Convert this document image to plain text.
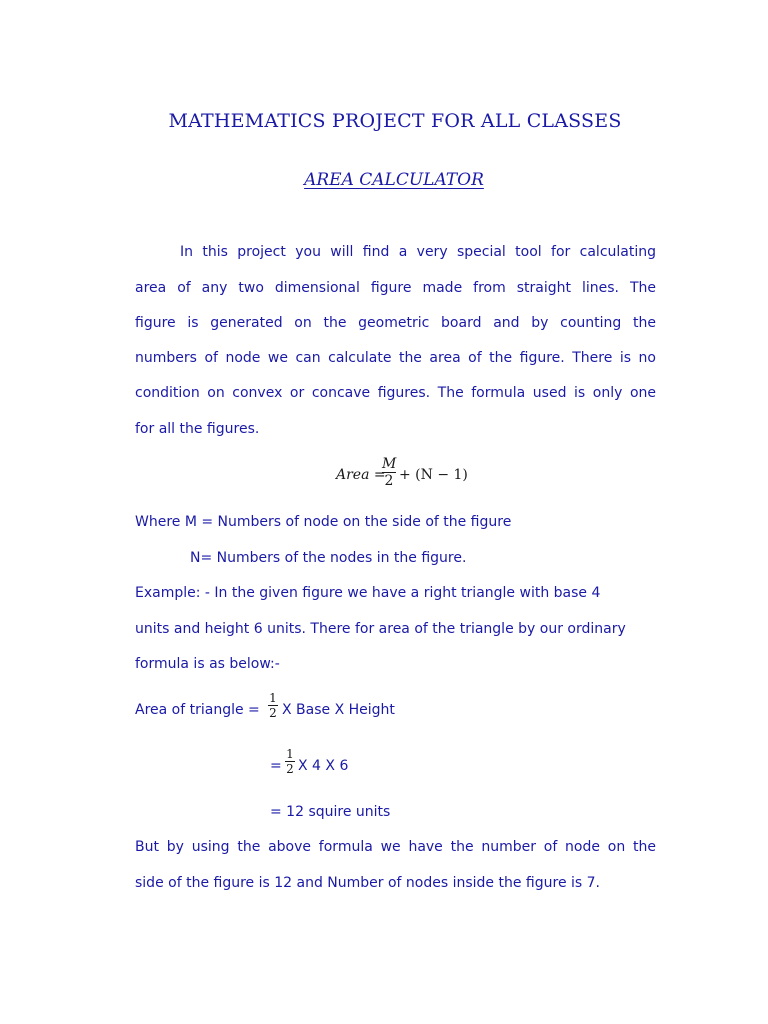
MATHEMATICS PROJECT FOR ALL CLASSES
AREA CALCULATOR
In this project you will find a very special tool for calculating
area of any two dimensional figure made from straight lines. The
figure is generated on the geometric board and by counting the
numbers of node we can calculate the area of the figure. There is no
condition on convex or concave figures. The formula used is only one
for all the figures.
Area =
M
2 + (N − 1)
Where M = Numbers of node on the side of the figure
N= Numbers of the nodes in the figure.
Example: - In the given figure we have a right triangle with base 4
units and height 6 units. There for area of the triangle by our ordinary
formula is as below:-
Area of triangle =
1
2 X Base X Height
=
1
2 X 4 X 6
= 12 squire units
But by using the above formula we have the number of node on the
side of the figure is 12 and Number of nodes inside the figure is 7.
